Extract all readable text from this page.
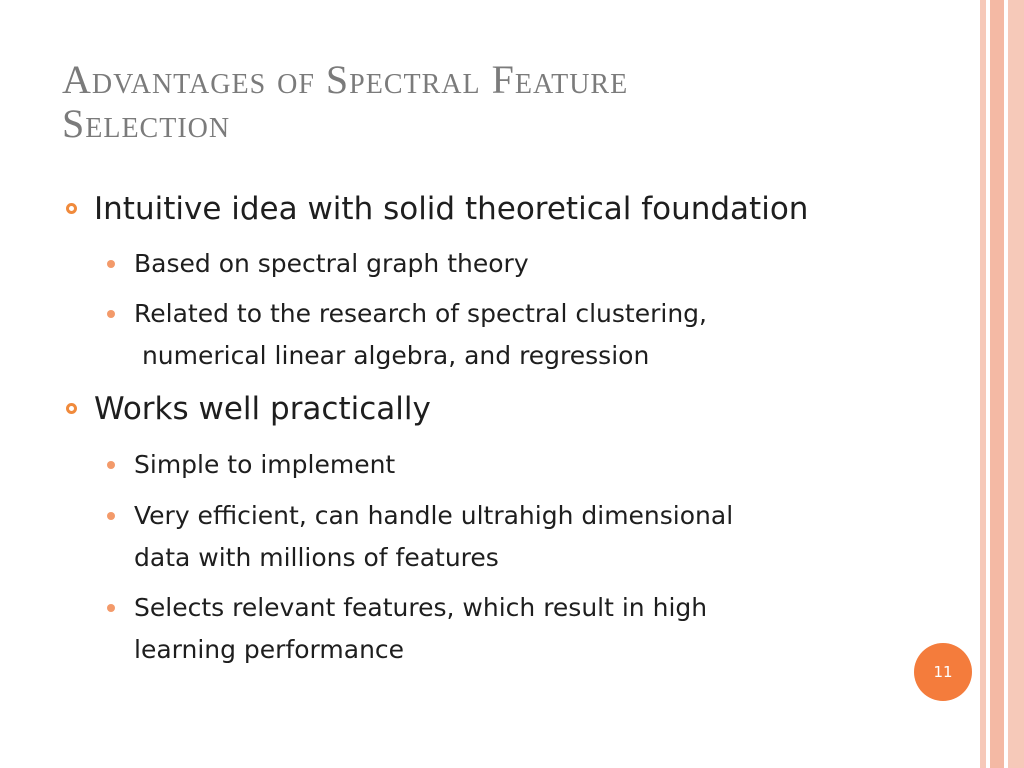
Advantages of Spectral Feature
Selection
Intuitive idea with solid theoretical foundation
Based on spectral graph theory
Related to the research of spectral clustering,
numerical linear algebra, and regression
Works well practically
Simple to implement
Very efficient, can handle ultrahigh dimensional
data with millions of features
Selects relevant features, which result in high
learning performance
11
